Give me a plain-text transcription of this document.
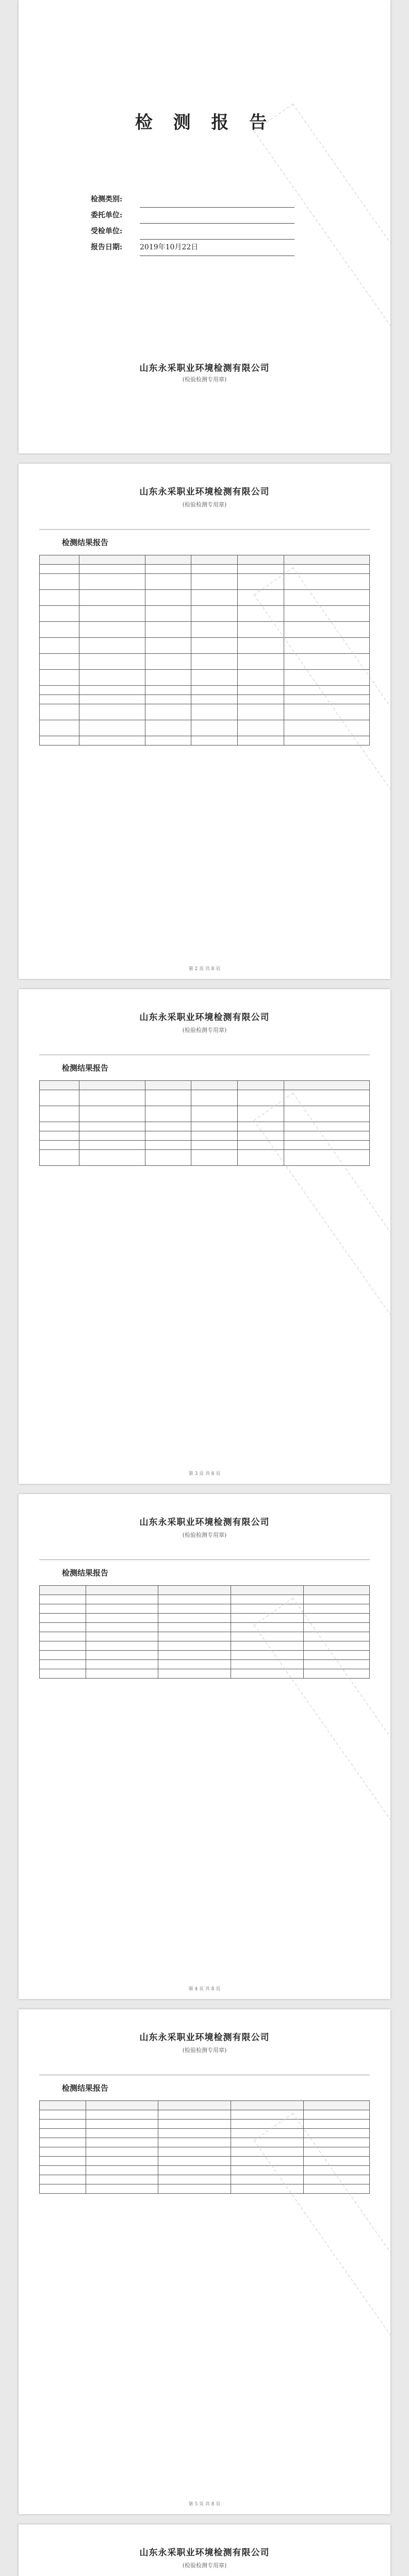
检 测 报 告
检测类别:
委托单位:
受检单位:
报告日期:	2019年10月22日
山东永采职业环境检测有限公司
(检验检测专用章)
山东永采职业环境检测有限公司
(检验检测专用章)
检测结果报告

第 2 页 共 8 页
山东永采职业环境检测有限公司
(检验检测专用章)
检测结果报告

第 3 页 共 8 页
山东永采职业环境检测有限公司
(检验检测专用章)
检测结果报告

第 4 页 共 8 页
山东永采职业环境检测有限公司
(检验检测专用章)
检测结果报告

第 5 页 共 8 页
山东永采职业环境检测有限公司
(检验检测专用章)
